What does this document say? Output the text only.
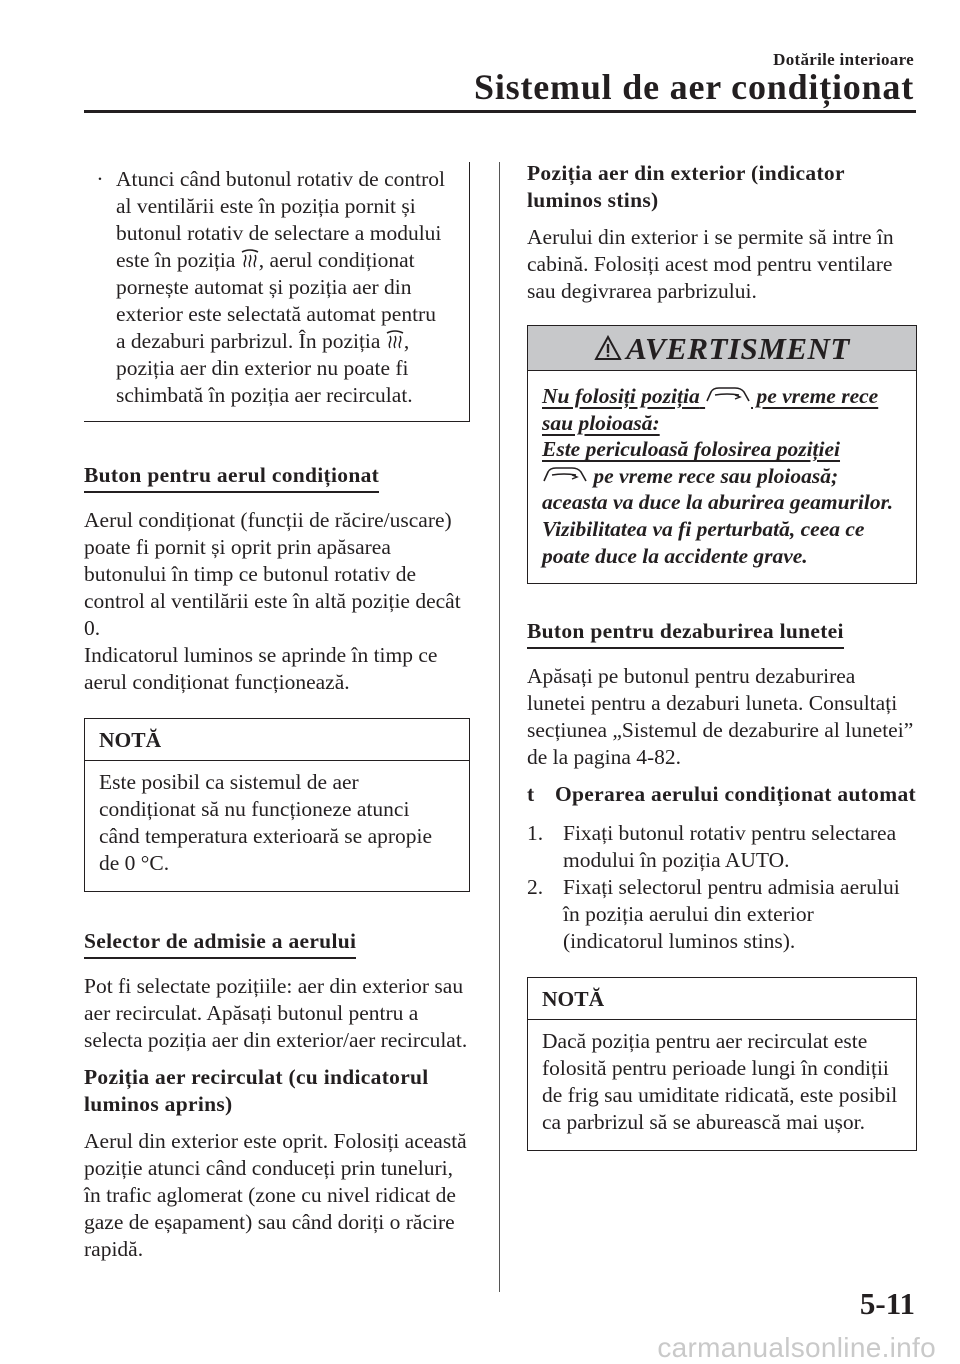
Dotările interioare
Sistemul de aer condiționat
· Atunci când butonul rotativ de control
al ventilării este în poziția pornit și
butonul rotativ de selectare a modului
este în poziția , aerul condiționat
pornește automat și poziția aer din
exterior este selectată automat pentru
a dezaburi parbrizul. În poziția ,
poziția aer din exterior nu poate fi
schimbată în poziția aer recirculat.
Buton pentru aerul condiționat

Aerul condiționat (funcții de răcire/uscare) poate fi pornit și oprit prin apăsarea butonului în timp ce butonul rotativ de control al ventilării este în altă poziție decât 0.

Indicatorul luminos se aprinde în timp ce aerul condiționat funcționează.

NOTĂ
Este posibil ca sistemul de aer condiționat să nu funcționeze atunci când temperatura exterioară se apropie de 0 °C.
Selector de admisie a aerului

Pot fi selectate pozițiile: aer din exterior sau aer recirculat. Apăsați butonul pentru a selecta poziția aer din exterior/aer recirculat.

Poziția aer recirculat (cu indicatorul luminos aprins)

Aerul din exterior este oprit. Folosiți această poziție atunci când conduceți prin tuneluri, în trafic aglomerat (zone cu nivel ridicat de gaze de eșapament) sau când doriți o răcire rapidă.

Poziția aer din exterior (indicator luminos stins)

Aerului din exterior i se permite să intre în cabină. Folosiți acest mod pentru ventilare sau degivrarea parbrizului.

AVERTISMENT
Nu folosiți poziția  pe vreme rece sau ploioasă:
Este periculoasă folosirea poziției
pe vreme rece sau ploioasă; aceasta va duce la aburirea geamurilor. Vizibilitatea va fi perturbată, ceea ce poate duce la accidente grave.
Buton pentru dezaburirea lunetei

Apăsați pe butonul pentru dezaburirea lunetei pentru a dezaburi luneta. Consultați secțiunea „Sistemul de dezaburire al lunetei” de la pagina 4-82.

t Operarea aerului condiționat automat
1. Fixați butonul rotativ pentru selectarea modului în poziția AUTO.
2. Fixați selectorul pentru admisia aerului în poziția aerului din exterior (indicatorul luminos stins).
NOTĂ
Dacă poziția pentru aer recirculat este folosită pentru perioade lungi în condiții de frig sau umiditate ridicată, este posibil ca parbrizul să se aburească mai ușor.
5-11
carmanualsonline.info
